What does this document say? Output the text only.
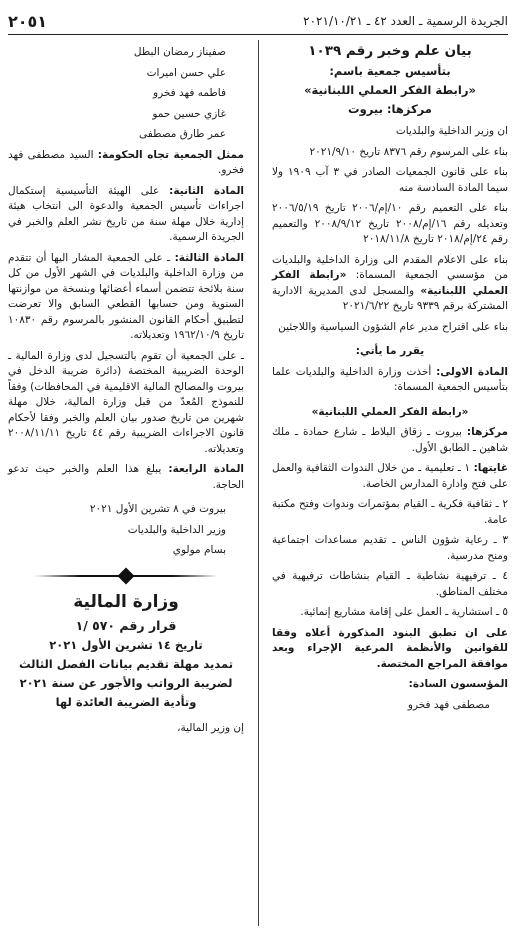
الجريدة الرسمية ـ العدد ٤٢ ـ ٢٠٢١/١٠/٢١
٢٠٥١
بيان علم وخبر رقم ١٠٣٩
بتأسيس جمعية باسم:
«رابطة الفكر العملي اللبنانية»
مركزها: بيروت

ان وزير الداخلية والبلديات

بناء على المرسوم رقم ٨٣٧٦ تاريخ ٢٠٢١/٩/١٠

بناء على قانون الجمعيات الصادر في ٣ آب ١٩٠٩ ولا سيما المادة السادسة منه

بناء على التعميم رقم ١٠/إم/٢٠٠٦ تاريخ ٢٠٠٦/٥/١٩ وتعديله رقم ١٦/إم/٢٠٠٨ تاريخ ٢٠٠٨/٩/١٢ والتعميم رقم ٢٤/إم/٢٠١٨ تاريخ ٢٠١٨/١١/٨

بناء على الاعلام المقدم الى وزارة الداخلية والبلديات من مؤسسي الجمعية المسماة: «رابطة الفكر العملي اللبنانية» والمسجل لدى المديرية الادارية المشتركة برقم ٩٣٣٩ تاريخ ٢٠٢١/٦/٢٢

بناء على اقتراح مدير عام الشؤون السياسية واللاجئين

يقرر ما يأتي:

المادة الاولى: أخذت وزارة الداخلية والبلديات علما بتأسيس الجمعية المسماة:

«رابطة الفكر العملي اللبنانية»

مركزها: بيروت ـ زقاق البلاط ـ شارع حمادة ـ ملك شاهين ـ الطابق الأول.

غايتها: ١ ـ تعليمية ـ من خلال الندوات الثقافية والعمل على فتح وادارة المدارس الخاصة.

٢ ـ ثقافية فكرية ـ القيام بمؤتمرات وندوات وفتح مكتبة عامة.

٣ ـ رعاية شؤون الناس ـ تقديم مساعدات اجتماعية ومنح مدرسية.

٤ ـ ترفيهية نشاطية ـ القيام بنشاطات ترفيهية في مختلف المناطق.

٥ ـ استشارية ـ العمل على إقامة مشاريع إنمائية.

على ان تطبق البنود المذكورة أعلاه وفقا للقوانين والأنظمة المرعية الإجراء وبعد موافقة المراجع المختصة.

المؤسسون السادة:

مصطفى فهد فخرو

صفيناز رمضان البطل

علي حسن اميرات

فاطمه فهد فخرو

غازي حسين حمو

عمر طارق مصطفى

ممثل الجمعية تجاه الحكومة: السيد مصطفى فهد فخرو.

المادة الثانية: على الهيئة التأسيسية إستكمال اجراءات تأسيس الجمعية والدعوة الى انتخاب هيئة إدارية خلال مهلة سنة من تاريخ نشر العلم والخبر في الجريدة الرسمية.

المادة الثالثة: ـ على الجمعية المشار اليها أن تتقدم من وزارة الداخلية والبلديات في الشهر الأول من كل سنة بلائحة تتضمن أسماء أعضائها وبنسخة من موازنتها السنوية ومن حسابها القطعي السابق والا تعرضت لتطبيق أحكام القانون المنشور بالمرسوم رقم ١٠٨٣٠ تاريخ ١٩٦٢/١٠/٩ وتعديلاته.

ـ على الجمعية أن تقوم بالتسجيل لدى وزارة المالية ـ الوحدة الضريبية المختصة (دائرة ضريبة الدخل في بيروت والمصالح المالية الاقليمية في المحافظات) وفقاً للنموذج المُعدّ من قبل وزارة المالية، خلال مهلة شهرين من تاريخ صدور بيان العلم والخبر وفقا لأحكام قانون الاجراءات الضريبية رقم ٤٤ تاريخ ٢٠٠٨/١١/١١ وتعديلاته.

المادة الرابعة: يبلغ هذا العلم والخبر حيث تدعو الحاجة.

بيروت في ٨ تشرين الأول ٢٠٢١

وزير الداخلية والبلديات

بسام مولوي

وزارة المالية
قرار رقم ٥٧٠ /١
تاريخ ١٤ تشرين الأول ٢٠٢١
تمديد مهلة تقديم بيانات الفصل الثالث لضريبة الرواتب والأجور عن سنة ٢٠٢١ وتأدية الضريبة العائدة لها

إن وزير المالية،
